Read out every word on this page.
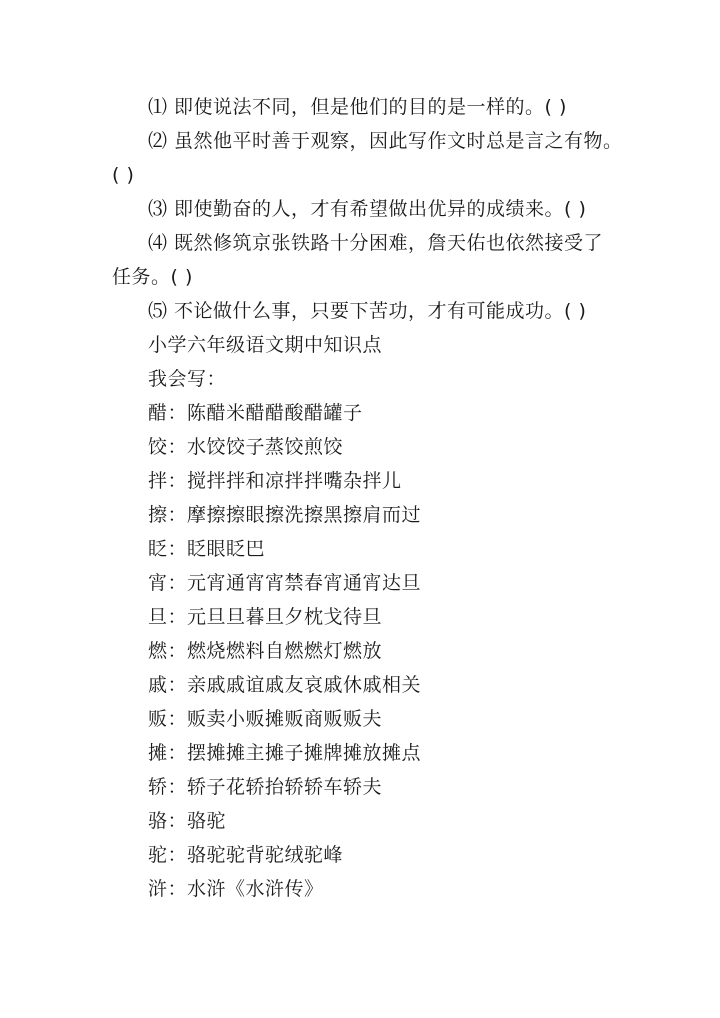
⑴ 即使说法不同，但是他们的目的是一样的。( )
⑵ 虽然他平时善于观察，因此写作文时总是言之有物。
( )
⑶ 即使勤奋的人，才有希望做出优异的成绩来。( )
⑷ 既然修筑京张铁路十分困难，詹天佑也依然接受了
任务。( )
⑸ 不论做什么事，只要下苦功，才有可能成功。( )
小学六年级语文期中知识点
我会写：
醋：陈醋米醋醋酸醋罐子
饺：水饺饺子蒸饺煎饺
拌：搅拌拌和凉拌拌嘴杂拌儿
擦：摩擦擦眼擦洗擦黑擦肩而过
眨：眨眼眨巴
宵：元宵通宵宵禁春宵通宵达旦
旦：元旦旦暮旦夕枕戈待旦
燃：燃烧燃料自燃燃灯燃放
戚：亲戚戚谊戚友哀戚休戚相关
贩：贩卖小贩摊贩商贩贩夫
摊：摆摊摊主摊子摊牌摊放摊点
轿：轿子花轿抬轿轿车轿夫
骆：骆驼
驼：骆驼驼背驼绒驼峰
浒：水浒《水浒传》
